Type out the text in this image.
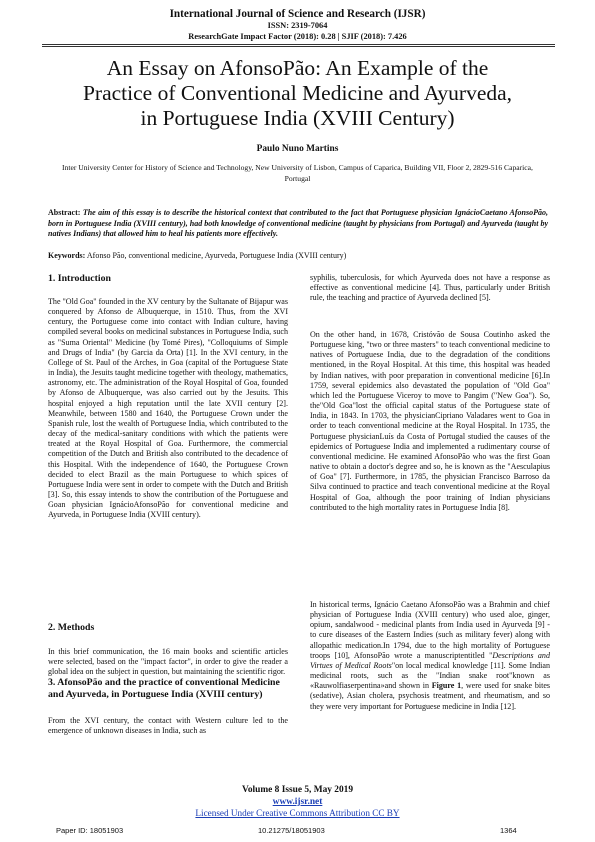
International Journal of Science and Research (IJSR)
ISSN: 2319-7064
ResearchGate Impact Factor (2018): 0.28 | SJIF (2018): 7.426
An Essay on AfonsoPão: An Example of the
Practice of Conventional Medicine and Ayurveda,
in Portuguese India (XVIII Century)
Paulo Nuno Martins
Inter University Center for History of Science and Technology, New University of Lisbon, Campus of Caparica, Building VII, Floor 2, 2829-516 Caparica, Portugal
Abstract: The aim of this essay is to describe the historical context that contributed to the fact that Portuguese physician IgnácioCaetano AfonsoPão, born in Portuguese India (XVIII century), had both knowledge of conventional medicine (taught by physicians from Portugal) and Ayurveda (taught by natives Indians) that allowed him to heal his patients more effectively.
Keywords: Afonso Pão, conventional medicine, Ayurveda, Portuguese India (XVIII century)
1. Introduction

The "Old Goa" founded in the XV century by the Sultanate of Bijapur was conquered by Afonso de Albuquerque, in 1510. Thus, from the XVI century, the Portuguese come into contact with Indian culture, having compiled several books on medicinal substances in Portuguese India, such as "Suma Oriental" Medicine (by Tomé Pires), "Colloquiums of Simple and Drugs of India" (by Garcia da Orta) [1]. In the XVI century, in the College of St. Paul of the Arches, in Goa (capital of the Portuguese State in India), the Jesuits taught medicine together with theology, mathematics, astronomy, etc. The administration of the Royal Hospital of Goa, founded by Afonso de Albuquerque, was also carried out by the Jesuits. This hospital enjoyed a high reputation until the late XVII century [2]. Meanwhile, between 1580 and 1640, the Portuguese Crown under the Spanish rule, lost the wealth of Portuguese India, which contributed to the decay of the medical-sanitary conditions with which the patients were treated at the Royal Hospital of Goa. Furthermore, the commercial competition of the Dutch and British also contributed to the decadence of this Hospital. With the independence of 1640, the Portuguese Crown decided to elect Brazil as the main Portuguese to which spices of Portuguese India were sent in order to compete with the Dutch and British [3]. So, this essay intends to show the contribution of the Portuguese and Goan physician IgnácioAfonsoPão for conventional medicine and Ayurveda, in Portuguese India (XVIII century).

2. Methods

In this brief communication, the 16 main books and scientific articles were selected, based on the "impact factor", in order to give the reader a global idea on the subject in question, but maintaining the scientific rigor.

3. AfonsoPão and the practice of conventional Medicine and Ayurveda, in Portuguese India (XVIII century)

From the XVI century, the contact with Western culture led to the emergence of unknown diseases in India, such as

syphilis, tuberculosis, for which Ayurveda does not have a response as effective as conventional medicine [4]. Thus, particularly under British rule, the teaching and practice of Ayurveda declined [5].

On the other hand, in 1678, Cristóvão de Sousa Coutinho asked the Portuguese king, "two or three masters" to teach conventional medicine to natives of Portuguese India, due to the degradation of the conditions mentioned, in the Royal Hospital. At this time, this hospital was headed by Indian natives, with poor preparation in conventional medicine [6].In 1759, several epidemics also devastated the population of "Old Goa" which led the Portuguese Viceroy to move to Pangim ("New Goa"). So, the"Old Goa"lost the official capital status of the Portuguese state of India, in 1843. In 1703, the physicianCipriano Valadares went to Goa in order to teach conventional medicine at the Royal Hospital. In 1735, the Portuguese physicianLuís da Costa of Portugal studied the causes of the epidemics of Portuguese India and implemented a rudimentary course of conventional medicine. He examined AfonsoPão who was the first Goan native to obtain a doctor's degree and so, he is known as the "Aesculapius of Goa" [7]. Furthermore, in 1785, the physician Francisco Barroso da Silva continued to practice and teach conventional medicine at the Royal Hospital of Goa, although the poor training of Indian physicians contributed to the high mortality rates in Portuguese India [8].

In historical terms, Ignácio Caetano AfonsoPão was a Brahmin and chief physician of Portuguese India (XVIII century) who used aloe, ginger, opium, sandalwood - medicinal plants from India used in Ayurveda [9] - to cure diseases of the Eastern Indies (such as military fever) along with allopathic medication.In 1794, due to the high mortality of Portuguese troops [10], AfonsoPão wrote a manuscriptentitled "Descriptions and Virtues of Medical Roots"on local medical knowledge [11]. Some Indian medicinal roots, such as the "Indian snake root"known as «Rauwolfiaserpentina»and shown in Figure 1, were used for snake bites (sedative), Asian cholera, psychosis treatment, and rheumatism, and so they were very important for Portuguese medicine in India [12].

Volume 8 Issue 5, May 2019
www.ijsr.net
Licensed Under Creative Commons Attribution CC BY
Paper ID: 18051903	10.21275/18051903	1364
